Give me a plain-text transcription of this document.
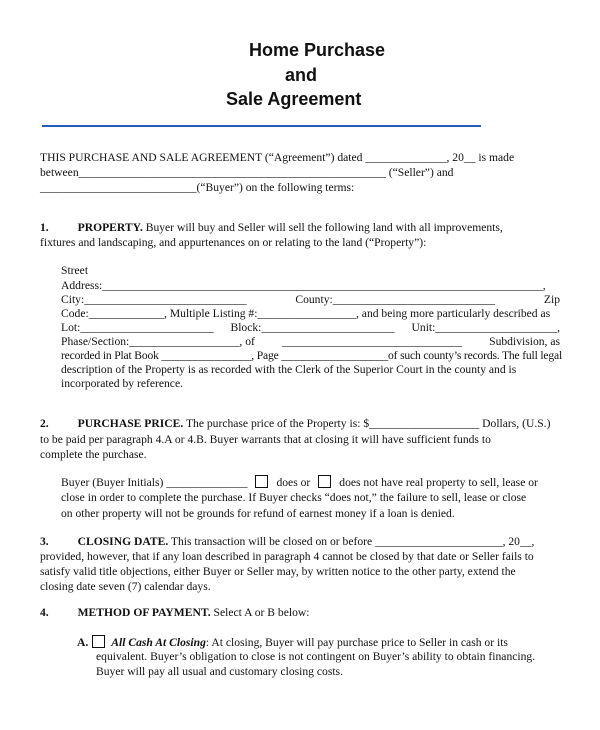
Home Purchase
and
Sale Agreement
THIS PURCHASE AND SALE AGREEMENT (“Agreement”) dated ______________, 20__ is made
between_____________________________________________________ (“Seller”) and
___________________________(“Buyer”) on the following terms:
1. PROPERTY. Buyer will buy and Seller will sell the following land with all improvements,
fixtures and landscaping, and appurtenances on or relating to the land (“Property”):
Street
Address:____________________________________________________________________________,
City:____________________________	County:____________________________	Zip
Code:_____________, Multiple Listing #:_________________, and being more particularly described as
Lot:_______________________ Block:_______________________ Unit:_____________________,
Phase/Section:___________________, of _______________________________ Subdivision, as
recorded in Plat Book ________________, Page ___________________of such county’s records. The full legal
description of the Property is as recorded with the Clerk of the Superior Court in the county and is
incorporated by reference.
2. PURCHASE PRICE. The purchase price of the Property is: $___________________ Dollars, (U.S.)
to be paid per paragraph 4.A or 4.B. Buyer warrants that at closing it will have sufficient funds to
complete the purchase.
Buyer (Buyer Initials) ______________	does or	does not have real property to sell, lease or
close in order to complete the purchase. If Buyer checks “does not,” the failure to sell, lease or close
on other property will not be grounds for refund of earnest money if a loan is denied.
3. CLOSING DATE. This transaction will be closed on or before ______________________, 20__,
provided, however, that if any loan described in paragraph 4 cannot be closed by that date or Seller fails to
satisfy valid title objections, either Buyer or Seller may, by written notice to the other party, extend the
closing date seven (7) calendar days.
4. METHOD OF PAYMENT. Select A or B below:
A. All Cash At Closing: At closing, Buyer will pay purchase price to Seller in cash or its
equivalent. Buyer’s obligation to close is not contingent on Buyer’s ability to obtain financing.
Buyer will pay all usual and customary closing costs.
